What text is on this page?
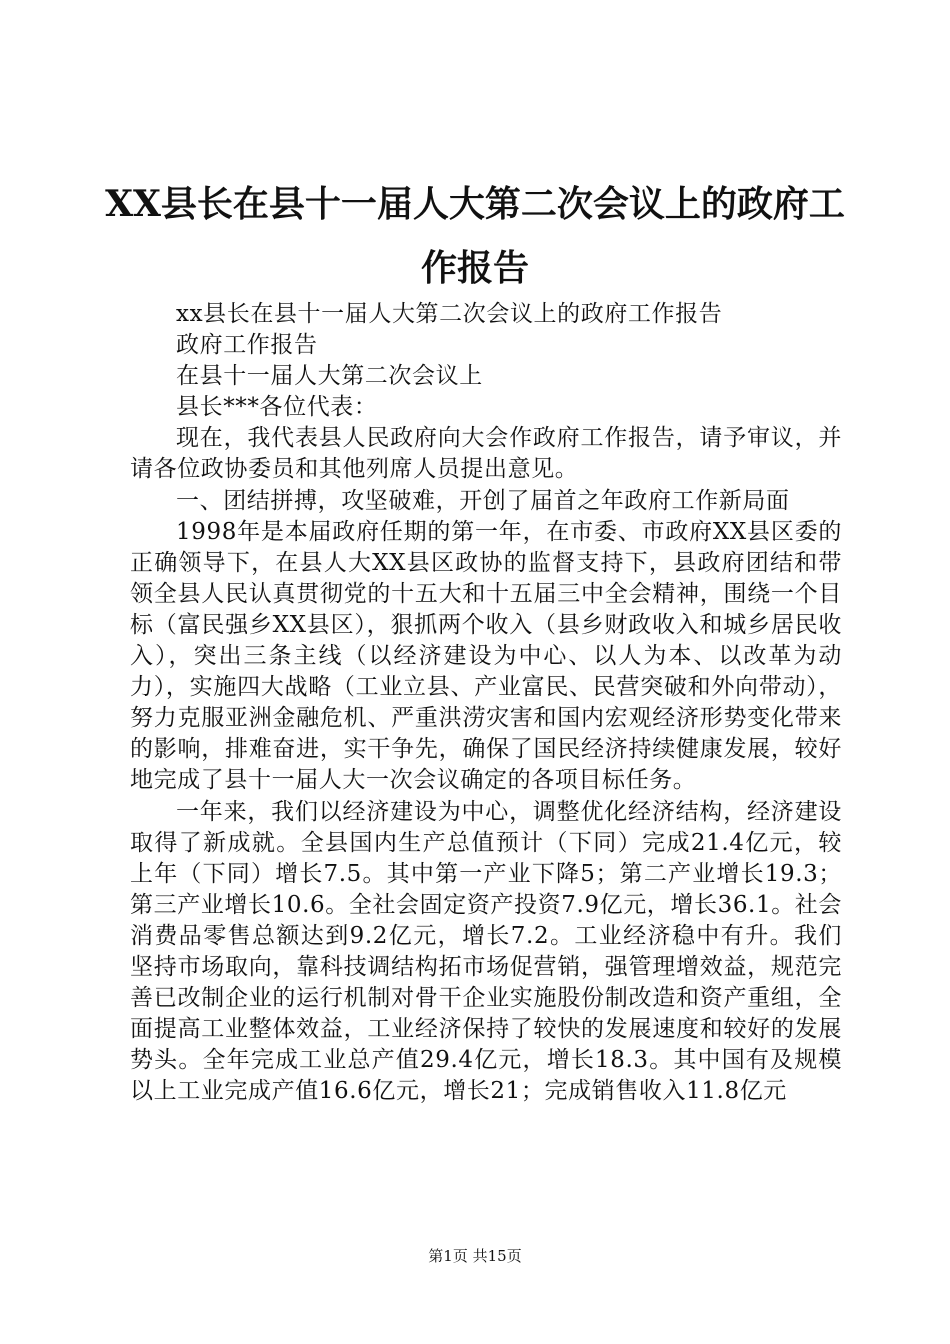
XX县长在县十一届人大第二次会议上的政府工作报告

xx县长在县十一届人大第二次会议上的政府工作报告

政府工作报告

在县十一届人大第二次会议上

县长***各位代表：

现在，我代表县人民政府向大会作政府工作报告，请予审议，并请各位政协委员和其他列席人员提出意见。

一、团结拼搏，攻坚破难，开创了届首之年政府工作新局面

1998年是本届政府任期的第一年，在市委、市政府XX县区委的正确领导下，在县人大XX县区政协的监督支持下，县政府团结和带领全县人民认真贯彻党的十五大和十五届三中全会精神，围绕一个目标（富民强乡XX县区），狠抓两个收入（县乡财政收入和城乡居民收入），突出三条主线（以经济建设为中心、以人为本、以改革为动力），实施四大战略（工业立县、产业富民、民营突破和外向带动），努力克服亚洲金融危机、严重洪涝灾害和国内宏观经济形势变化带来的影响，排难奋进，实干争先，确保了国民经济持续健康发展，较好地完成了县十一届人大一次会议确定的各项目标任务。

一年来，我们以经济建设为中心，调整优化经济结构，经济建设取得了新成就。全县国内生产总值预计（下同）完成21.4亿元，较上年（下同）增长7.5。其中第一产业下降5；第二产业增长19.3；第三产业增长10.6。全社会固定资产投资7.9亿元，增长36.1。社会消费品零售总额达到9.2亿元，增长7.2。工业经济稳中有升。我们坚持市场取向，靠科技调结构拓市场促营销，强管理增效益，规范完善已改制企业的运行机制对骨干企业实施股份制改造和资产重组，全面提高工业整体效益，工业经济保持了较快的发展速度和较好的发展势头。全年完成工业总产值29.4亿元，增长18.3。其中国有及规模以上工业完成产值16.6亿元，增长21；完成销售收入11.8亿元

第1页 共15页
